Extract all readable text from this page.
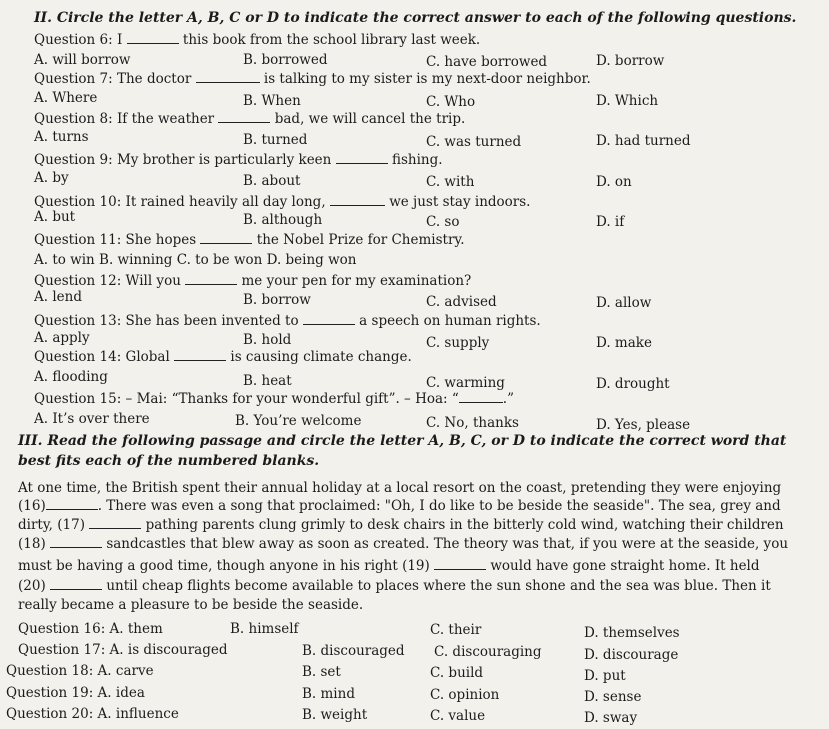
II. Circle the letter A, B, C or D to indicate the correct answer to each of the following questions.
Question 6: I	this book from the school library last week.
A. will borrow	B. borrowed	C. have borrowed	D. borrow
Question 7: The doctor	is talking to my sister is my next-door neighbor.
A. Where	B. When	C. Who	D. Which
Question 8: If the weather	bad, we will cancel the trip.
A. turns	B. turned	C. was turned	D. had turned
Question 9: My brother is particularly keen	fishing.
A. by	B. about	C. with	D. on
Question 10: It rained heavily all day long,	we just stay indoors.
A. but	B. although	C. so	D. if
Question 11: She hopes	the Nobel Prize for Chemistry.
A. to win B. winning C. to be won D. being won
Question 12: Will you	me your pen for my examination?
A. lend	B. borrow	C. advised	D. allow
Question 13: She has been invented to	a speech on human rights.
A. apply	B. hold	C. supply	D. make
Question 14: Global	is causing climate change.
A. flooding	B. heat	C. warming	D. drought
Question 15: – Mai: “Thanks for your wonderful gift”. – Hoa: “	.”
A. It’s over there	B. You’re welcome	C. No, thanks	D. Yes, please
III. Read the following passage and circle the letter A, B, C, or D to indicate the correct word that
best fits each of the numbered blanks.
At one time, the British spent their annual holiday at a local resort on the coast, pretending they were enjoying
(16)	. There was even a song that proclaimed: "Oh, I do like to be beside the seaside". The sea, grey and
dirty, (17)	pathing parents clung grimly to desk chairs in the bitterly cold wind, watching their children
(18)	sandcastles that blew away as soon as created. The theory was that, if you were at the seaside, you
must be having a good time, though anyone in his right (19)	would have gone straight home. It held
(20)	until cheap flights become available to places where the sun shone and the sea was blue. Then it
really became a pleasure to be beside the seaside.
Question 16: A. them	B. himself	C. their	D. themselves
Question 17: A. is discouraged	B. discouraged C. discouraging	D. discourage
Question 18: A. carve	B. set	C. build	D. put
Question 19: A. idea	B. mind	C. opinion	D. sense
Question 20: A. influence	B. weight	C. value	D. sway
